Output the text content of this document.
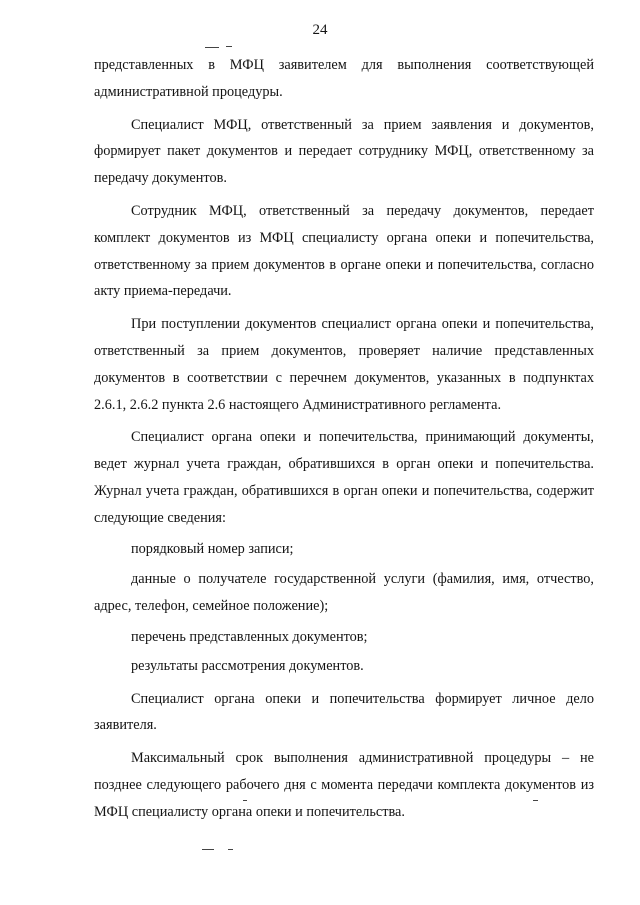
24

представленных в МФЦ заявителем для выполнения соответствующей административной процедуры.

Специалист МФЦ, ответственный за прием заявления и документов, формирует пакет документов и передает сотруднику МФЦ, ответственному за передачу документов.

Сотрудник МФЦ, ответственный за передачу документов, передает комплект документов из МФЦ специалисту органа опеки и попечительства, ответственному за прием документов в органе опеки и попечительства, согласно акту приема-передачи.

При поступлении документов специалист органа опеки и попечительства, ответственный за прием документов, проверяет наличие представленных документов в соответствии с перечнем документов, указанных в подпунктах 2.6.1, 2.6.2 пункта 2.6 настоящего Административного регламента.

Специалист органа опеки и попечительства, принимающий документы, ведет журнал учета граждан, обратившихся в орган опеки и попечительства. Журнал учета граждан, обратившихся в орган опеки и попечительства, содержит следующие сведения:

порядковый номер записи;

данные о получателе государственной услуги (фамилия, имя, отчество, адрес, телефон, семейное положение);

перечень представленных документов;

результаты рассмотрения документов.

Специалист органа опеки и попечительства формирует личное дело заявителя.

Максимальный срок выполнения административной процедуры – не позднее следующего рабочего дня с момента передачи комплекта документов из МФЦ специалисту органа опеки и попечительства.
